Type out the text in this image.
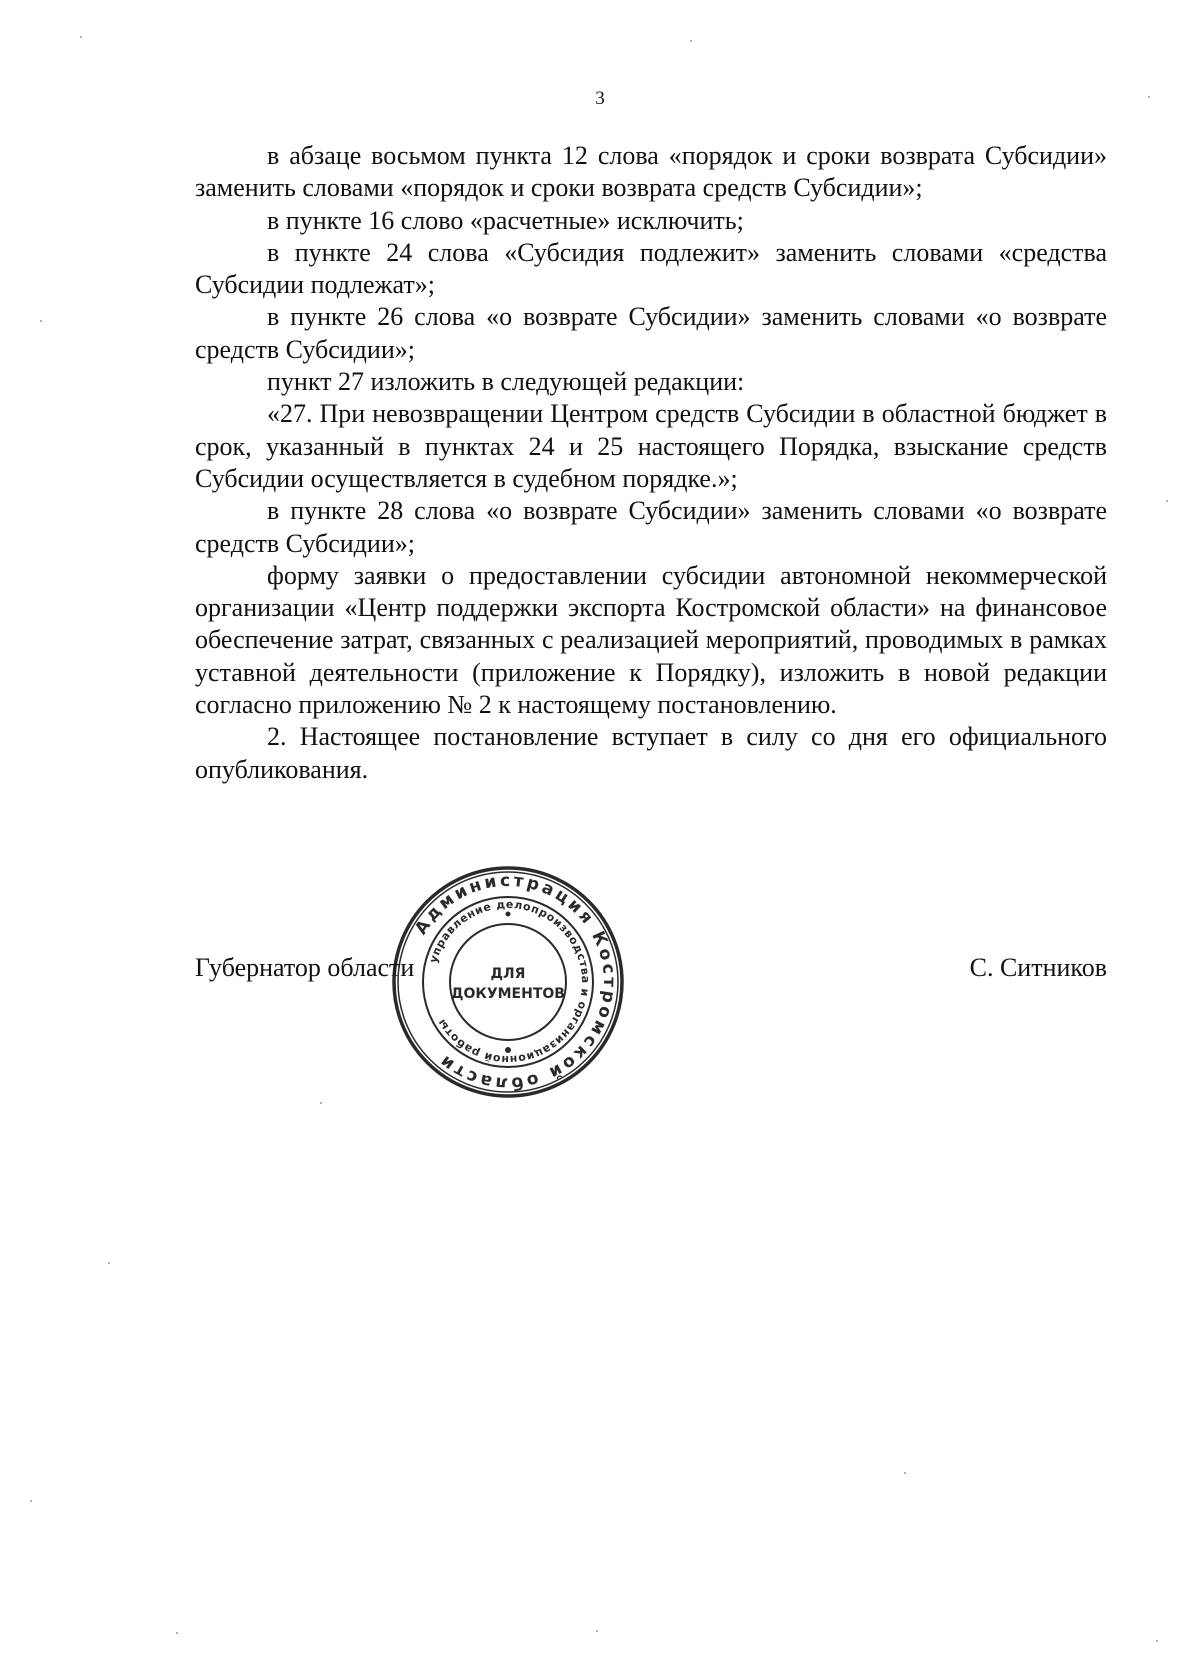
3

в абзаце восьмом пункта 12 слова «порядок и сроки возврата Субсидии» заменить словами «порядок и сроки возврата средств Субсидии»;

в пункте 16 слово «расчетные» исключить;

в пункте 24 слова «Субсидия подлежит» заменить словами «средства Субсидии подлежат»;

в пункте 26 слова «о возврате Субсидии» заменить словами «о возврате средств Субсидии»;

пункт 27 изложить в следующей редакции:

«27. При невозвращении Центром средств Субсидии в областной бюджет в срок, указанный в пунктах 24 и 25 настоящего Порядка, взыскание средств Субсидии осуществляется в судебном порядке.»;

в пункте 28 слова «о возврате Субсидии» заменить словами «о возврате средств Субсидии»;

форму заявки о предоставлении субсидии автономной некоммерческой организации «Центр поддержки экспорта Костромской области» на финансовое обеспечение затрат, связанных с реализацией мероприятий, проводимых в рамках уставной деятельности (приложение к Порядку), изложить в новой редакции согласно приложению № 2 к настоящему постановлению.

2. Настоящее постановление вступает в силу со дня его официального опубликования.

Губернатор области	С. Ситников
Администрация Костромской области
управление делопроизводства и организационной работы
ДЛЯ
ДОКУМЕНТОВ
